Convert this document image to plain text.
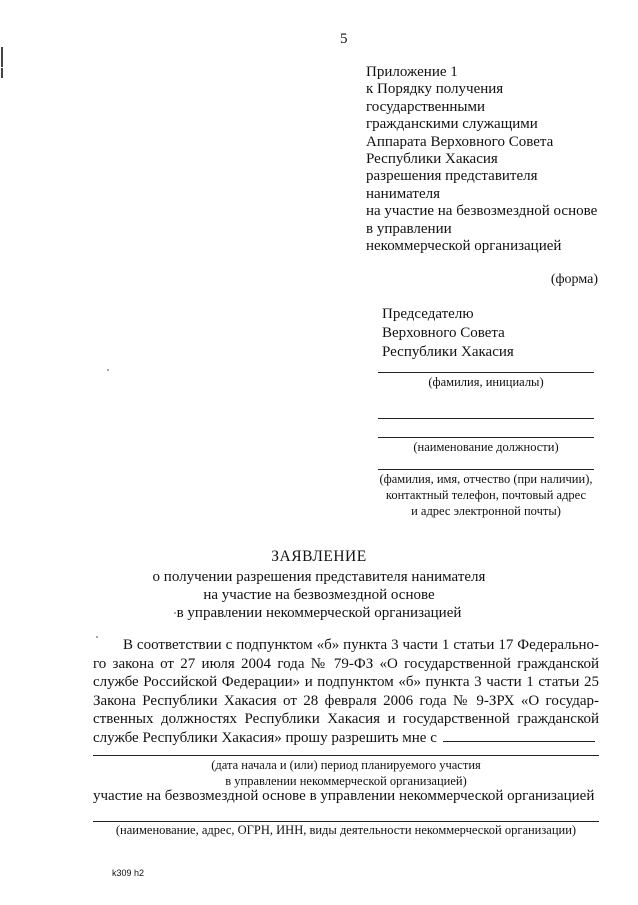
5
Приложение 1
к Порядку получения
государственными
гражданскими служащими
Аппарата Верховного Совета
Республики Хакасия
разрешения представителя
нанимателя
на участие на безвозмездной основе
в управлении
некоммерческой организацией
(форма)
Председателю
Верховного Совета
Республики Хакасия
(фамилия, инициалы)
(наименование должности)
(фамилия, имя, отчество (при наличии),
контактный телефон, почтовый адрес
и адрес электронной почты)
ЗАЯВЛЕНИЕ
о получении разрешения представителя нанимателя
на участие на безвозмездной основе
в управлении некоммерческой организацией
В соответствии с подпунктом «б» пункта 3 части 1 статьи 17 Федерально-
го закона от 27 июля 2004 года № 79-ФЗ «О государственной гражданской
службе Российской Федерации» и подпунктом «б» пункта 3 части 1 статьи 25
Закона Республики Хакасия от 28 февраля 2006 года № 9-ЗРХ «О государ-
ственных должностях Республики Хакасия и государственной гражданской
службе Республики Хакасия» прошу разрешить мне с
(дата начала и (или) период планируемого участия
в управлении некоммерческой организацией)
участие на безвозмездной основе в управлении некоммерческой организацией
(наименование, адрес, ОГРН, ИНН, виды деятельности некоммерческой организации)
k309 h2
